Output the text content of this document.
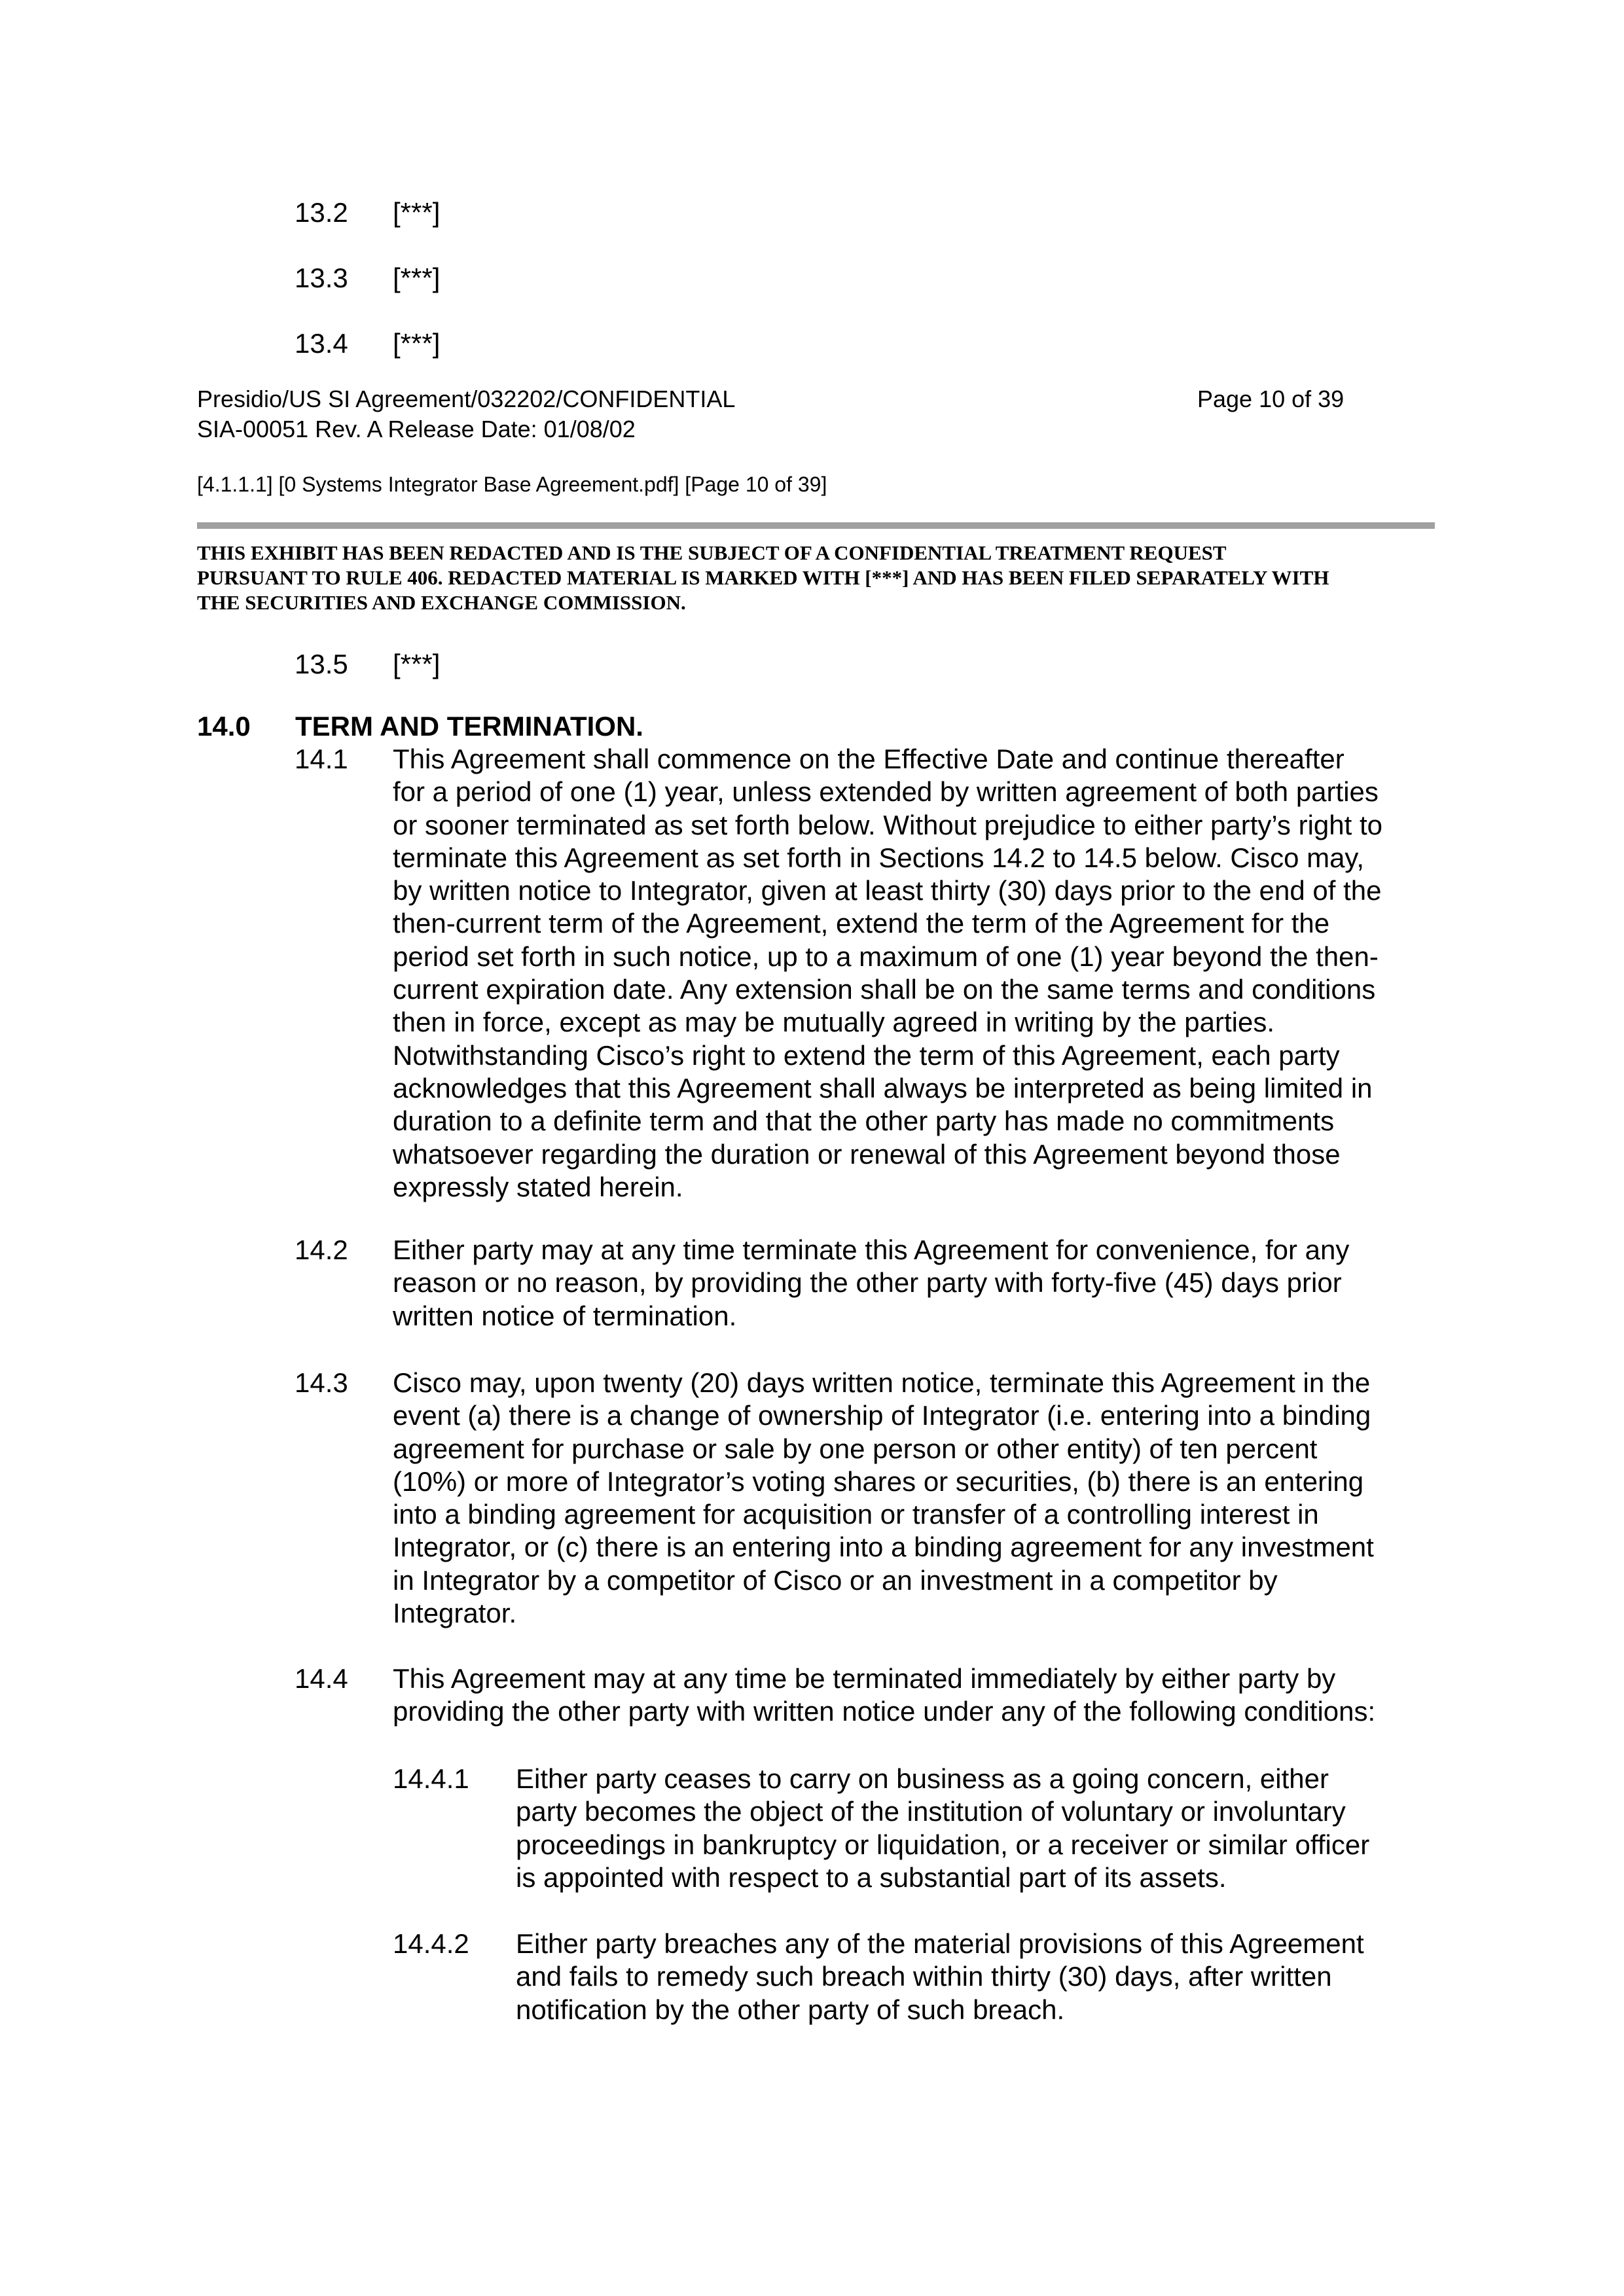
13.2 [***]
13.3 [***]
13.4 [***]
Presidio/US SI Agreement/032202/CONFIDENTIAL	Page 10 of 39
SIA-00051 Rev. A Release Date: 01/08/02
[4.1.1.1] [0 Systems Integrator Base Agreement.pdf] [Page 10 of 39]
THIS EXHIBIT HAS BEEN REDACTED AND IS THE SUBJECT OF A CONFIDENTIAL TREATMENT REQUEST
PURSUANT TO RULE 406. REDACTED MATERIAL IS MARKED WITH [***] AND HAS BEEN FILED SEPARATELY WITH
THE SECURITIES AND EXCHANGE COMMISSION.
13.5 [***]
14.0 TERM AND TERMINATION.
14.1 This Agreement shall commence on the Effective Date and continue thereafter
for a period of one (1) year, unless extended by written agreement of both parties
or sooner terminated as set forth below. Without prejudice to either party’s right to
terminate this Agreement as set forth in Sections 14.2 to 14.5 below. Cisco may,
by written notice to Integrator, given at least thirty (30) days prior to the end of the
then-current term of the Agreement, extend the term of the Agreement for the
period set forth in such notice, up to a maximum of one (1) year beyond the then-
current expiration date. Any extension shall be on the same terms and conditions
then in force, except as may be mutually agreed in writing by the parties.
Notwithstanding Cisco’s right to extend the term of this Agreement, each party
acknowledges that this Agreement shall always be interpreted as being limited in
duration to a definite term and that the other party has made no commitments
whatsoever regarding the duration or renewal of this Agreement beyond those
expressly stated herein.
14.2 Either party may at any time terminate this Agreement for convenience, for any
reason or no reason, by providing the other party with forty-five (45) days prior
written notice of termination.
14.3 Cisco may, upon twenty (20) days written notice, terminate this Agreement in the
event (a) there is a change of ownership of Integrator (i.e. entering into a binding
agreement for purchase or sale by one person or other entity) of ten percent
(10%) or more of Integrator’s voting shares or securities, (b) there is an entering
into a binding agreement for acquisition or transfer of a controlling interest in
Integrator, or (c) there is an entering into a binding agreement for any investment
in Integrator by a competitor of Cisco or an investment in a competitor by
Integrator.
14.4 This Agreement may at any time be terminated immediately by either party by
providing the other party with written notice under any of the following conditions:
14.4.1 Either party ceases to carry on business as a going concern, either
party becomes the object of the institution of voluntary or involuntary
proceedings in bankruptcy or liquidation, or a receiver or similar officer
is appointed with respect to a substantial part of its assets.
14.4.2 Either party breaches any of the material provisions of this Agreement
and fails to remedy such breach within thirty (30) days, after written
notification by the other party of such breach.
